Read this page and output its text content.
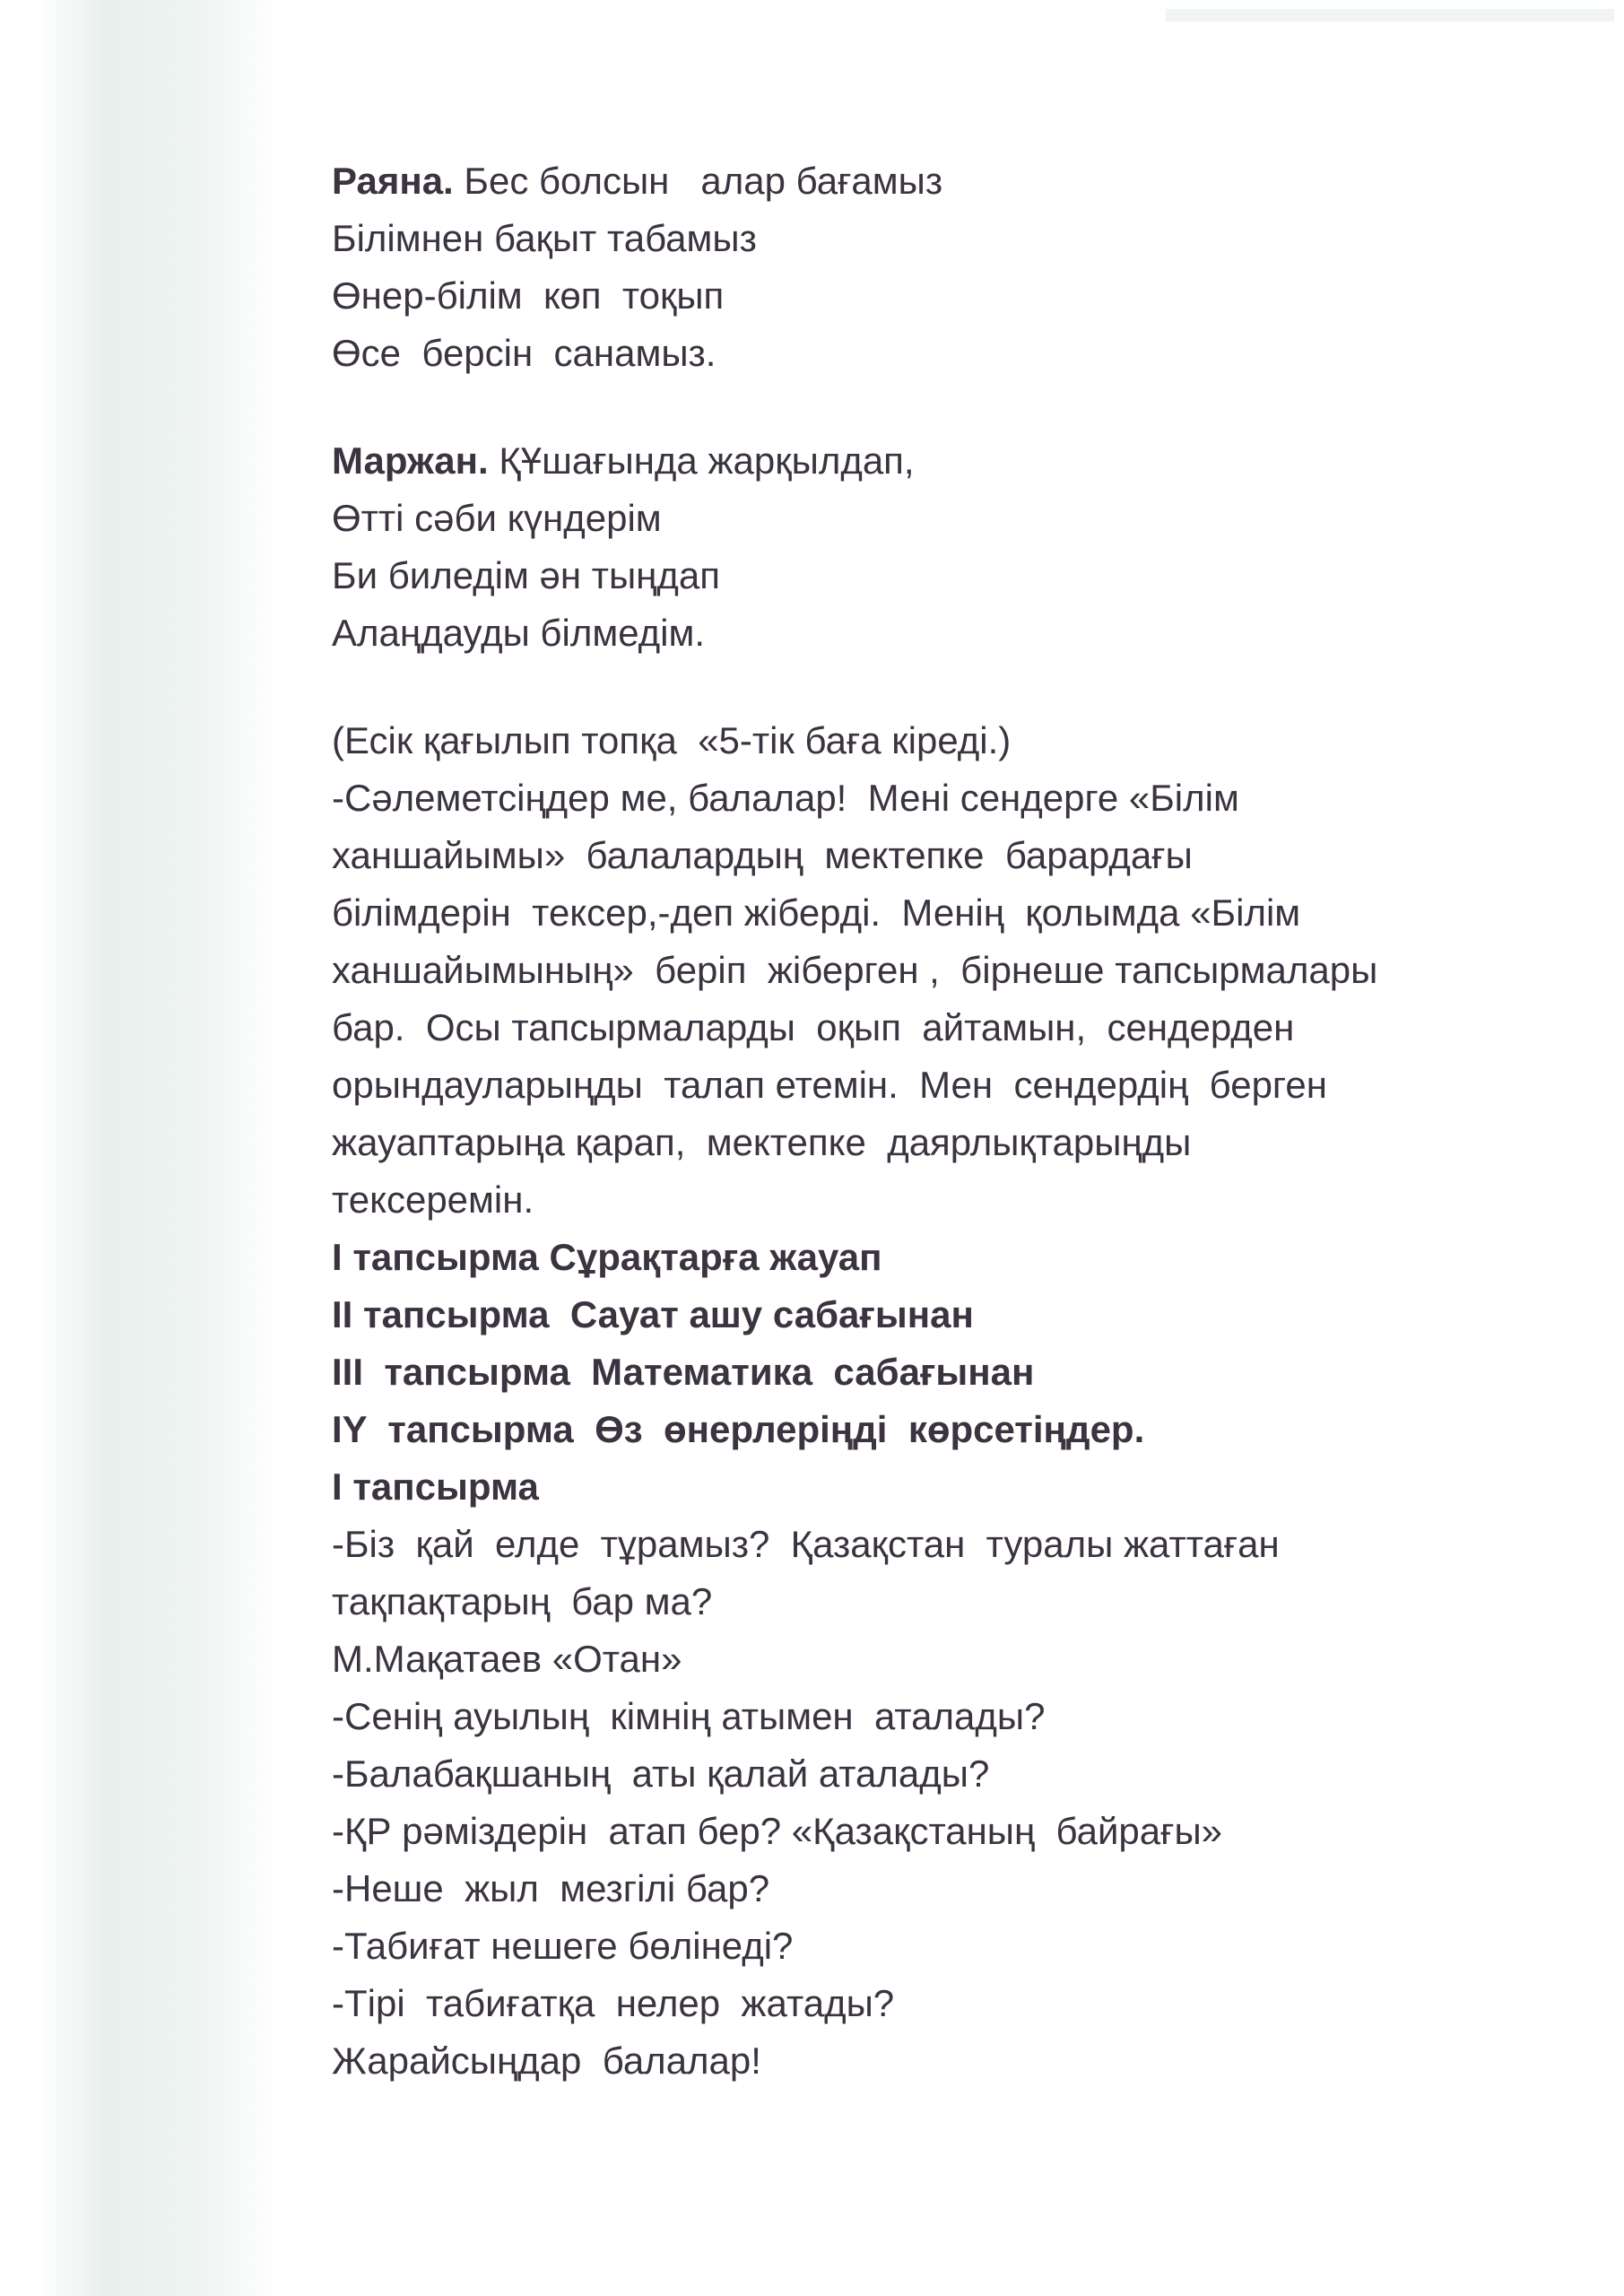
Раяна. Бес болсын   алар бағамыз

Білімнен бақыт табамыз

Өнер-білім  көп  тоқып

Өсе  берсін  санамыз.

Маржан. ҚҰшағында жарқылдап,

Өтті сәби күндерім

Би биледім ән тыңдап

Алаңдауды білмедім.

(Есік қағылып топқа  «5-тік баға кіреді.)

-Сәлеметсіңдер ме, балалар!  Мені сендерге «Білім

ханшайымы»  балалардың  мектепке  барардағы

білімдерін  тексер,-деп жіберді.  Менің  қолымда «Білім

ханшайымының»  беріп  жіберген ,  бірнеше тапсырмалары

бар.  Осы тапсырмаларды  оқып  айтамын,  сендерден

орындауларыңды  талап етемін.  Мен  сендердің  берген

жауаптарыңа қарап,  мектепке  даярлықтарыңды

тексеремін.

І тапсырма Сұрақтарға жауап

ІІ тапсырма  Сауат ашу сабағынан

ІІІ  тапсырма  Математика  сабағынан

ІY  тапсырма  Өз  өнерлеріңді  көрсетіңдер.

І тапсырма

-Біз  қай  елде  тұрамыз?  Қазақстан  туралы жаттаған

тақпақтарың  бар ма?

М.Мақатаев «Отан»

-Сенің ауылың  кімнің атымен  аталады?

-Балабақшаның  аты қалай аталады?

-ҚР рәміздерін  атап бер? «Қазақстаның  байрағы»

-Неше  жыл  мезгілі бар?

-Табиғат нешеге бөлінеді?

-Тірі  табиғатқа  нелер  жатады?

Жарайсыңдар  балалар!
